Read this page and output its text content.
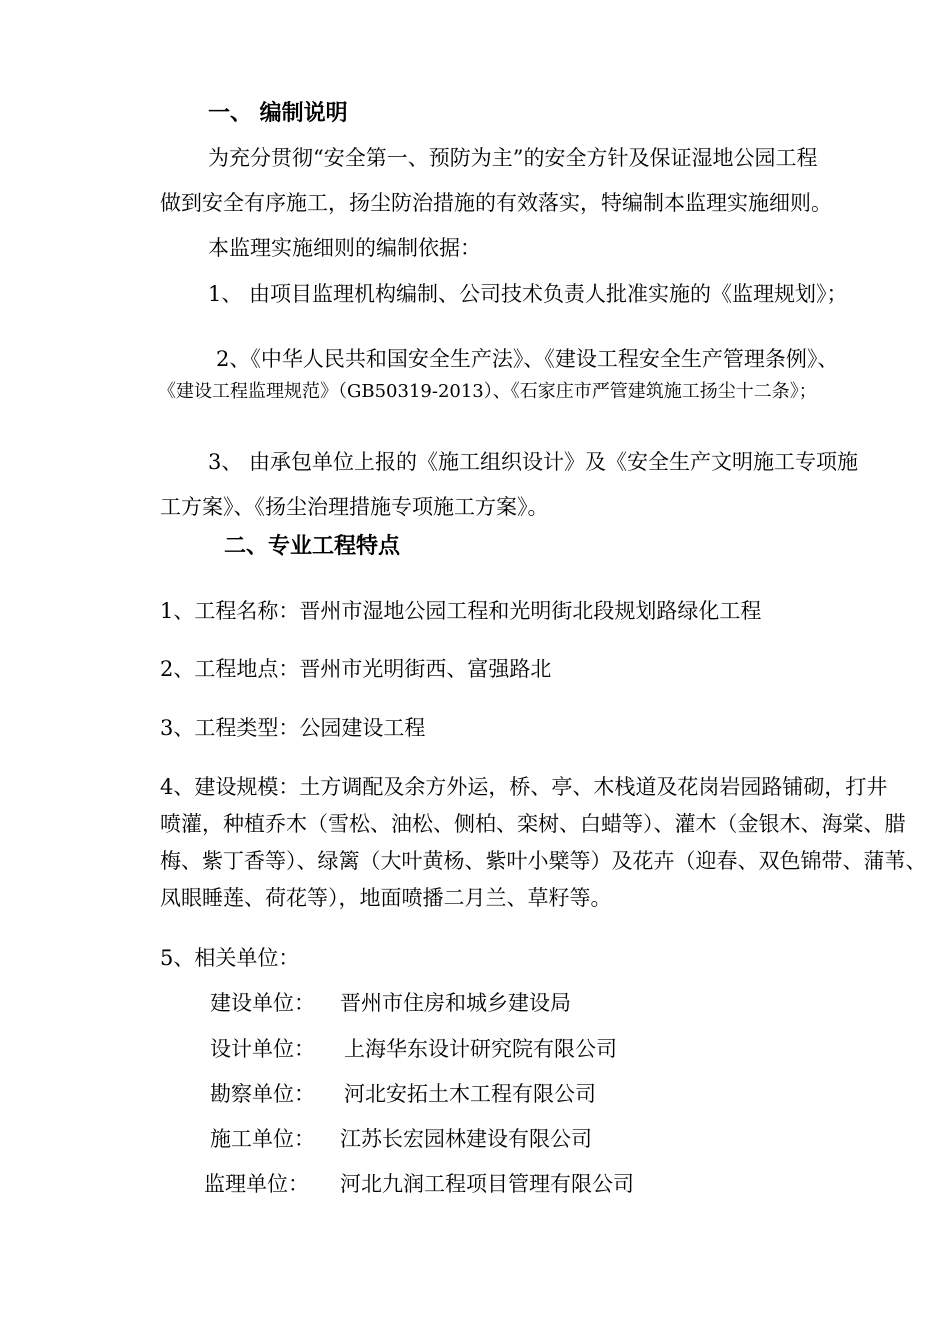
一、 编制说明
为充分贯彻“安全第一、预防为主”的安全方针及保证湿地公园工程
做到安全有序施工，扬尘防治措施的有效落实，特编制本监理实施细则。
本监理实施细则的编制依据：
1、 由项目监理机构编制、公司技术负责人批准实施的《监理规划》；
2、《中华人民共和国安全生产法》、《建设工程安全生产管理条例》、
《建设工程监理规范》（GB50319-2013）、《石家庄市严管建筑施工扬尘十二条》；
3、 由承包单位上报的《施工组织设计》及《安全生产文明施工专项施
工方案》、《扬尘治理措施专项施工方案》。
二、专业工程特点
1、工程名称：晋州市湿地公园工程和光明街北段规划路绿化工程
2、工程地点：晋州市光明街西、富强路北
3、工程类型：公园建设工程
4、建设规模：土方调配及余方外运，桥、亭、木栈道及花岗岩园路铺砌，打井
喷灌，种植乔木（雪松、油松、侧柏、栾树、白蜡等）、灌木（金银木、海棠、腊
梅、紫丁香等）、绿篱（大叶黄杨、紫叶小檗等）及花卉（迎春、双色锦带、蒲苇、
凤眼睡莲、荷花等），地面喷播二月兰、草籽等。
5、相关单位：
建设单位： 晋州市住房和城乡建设局
设计单位： 上海华东设计研究院有限公司
勘察单位： 河北安拓土木工程有限公司
施工单位： 江苏长宏园林建设有限公司
监理单位： 河北九润工程项目管理有限公司
